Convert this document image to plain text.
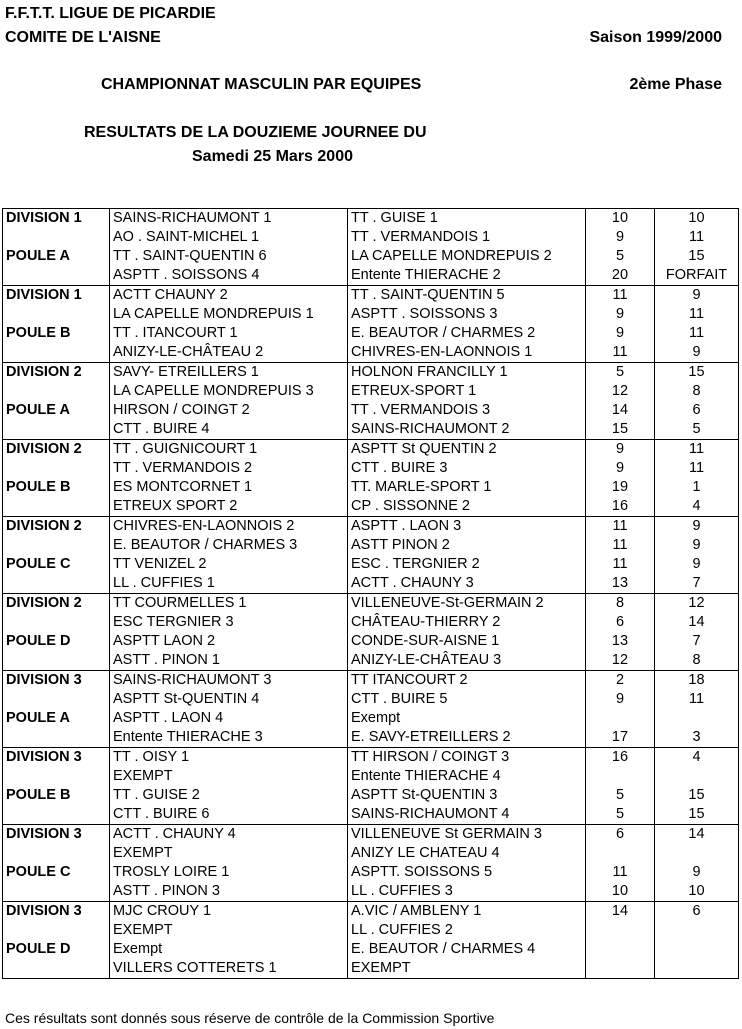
F.F.T.T. LIGUE DE PICARDIE
COMITE DE L'AISNE	Saison 1999/2000
CHAMPIONNAT MASCULIN PAR EQUIPES	2ème Phase
RESULTATS DE LA DOUZIEME JOURNEE DU
Samedi 25 Mars 2000
DIVISION 1	SAINS-RICHAUMONT 1	TT . GUISE 1	10	10
	AO . SAINT-MICHEL 1	TT . VERMANDOIS 1	9	11
POULE A	TT . SAINT-QUENTIN 6	LA CAPELLE MONDREPUIS 2	5	15
	ASPTT . SOISSONS 4	Entente THIERACHE 2	20	FORFAIT
DIVISION 1	ACTT CHAUNY 2	TT . SAINT-QUENTIN 5	11	9
	LA CAPELLE MONDREPUIS 1	ASPTT . SOISSONS 3	9	11
POULE B	TT . ITANCOURT 1	E. BEAUTOR / CHARMES 2	9	11
	ANIZY-LE-CHÂTEAU 2	CHIVRES-EN-LAONNOIS 1	11	9
DIVISION 2	SAVY- ETREILLERS 1	HOLNON FRANCILLY 1	5	15
	LA CAPELLE MONDREPUIS 3	ETREUX-SPORT 1	12	8
POULE A	HIRSON / COINGT 2	TT . VERMANDOIS 3	14	6
	CTT . BUIRE 4	SAINS-RICHAUMONT 2	15	5
DIVISION 2	TT . GUIGNICOURT 1	ASPTT St QUENTIN 2	9	11
	TT . VERMANDOIS 2	CTT . BUIRE 3	9	11
POULE B	ES MONTCORNET 1	TT. MARLE-SPORT 1	19	1
	ETREUX SPORT 2	CP . SISSONNE 2	16	4
DIVISION 2	CHIVRES-EN-LAONNOIS 2	ASPTT . LAON 3	11	9
	E. BEAUTOR / CHARMES 3	ASTT PINON 2	11	9
POULE C	TT VENIZEL 2	ESC . TERGNIER 2	11	9
	LL . CUFFIES 1	ACTT . CHAUNY 3	13	7
DIVISION 2	TT COURMELLES 1	VILLENEUVE-St-GERMAIN 2	8	12
	ESC TERGNIER 3	CHÂTEAU-THIERRY 2	6	14
POULE D	ASPTT LAON 2	CONDE-SUR-AISNE 1	13	7
	ASTT . PINON 1	ANIZY-LE-CHÂTEAU 3	12	8
DIVISION 3	SAINS-RICHAUMONT 3	TT ITANCOURT 2	2	18
	ASPTT St-QUENTIN 4	CTT . BUIRE 5	9	11
POULE A	ASPTT . LAON 4	Exempt		
	Entente THIERACHE 3	E. SAVY-ETREILLERS 2	17	3
DIVISION 3	TT . OISY 1	TT HIRSON / COINGT 3	16	4
	EXEMPT	Entente THIERACHE 4		
POULE B	TT . GUISE 2	ASPTT St-QUENTIN 3	5	15
	CTT . BUIRE 6	SAINS-RICHAUMONT 4	5	15
DIVISION 3	ACTT . CHAUNY 4	VILLENEUVE St GERMAIN 3	6	14
	EXEMPT	ANIZY LE CHATEAU 4		
POULE C	TROSLY LOIRE 1	ASPTT. SOISSONS 5	11	9
	ASTT . PINON 3	LL . CUFFIES 3	10	10
DIVISION 3	MJC CROUY 1	A.VIC / AMBLENY 1	14	6
	EXEMPT	LL . CUFFIES 2		
POULE D	Exempt	E. BEAUTOR / CHARMES 4		
	VILLERS COTTERETS 1	EXEMPT		
Ces résultats sont donnés sous réserve de contrôle de la Commission Sportive
